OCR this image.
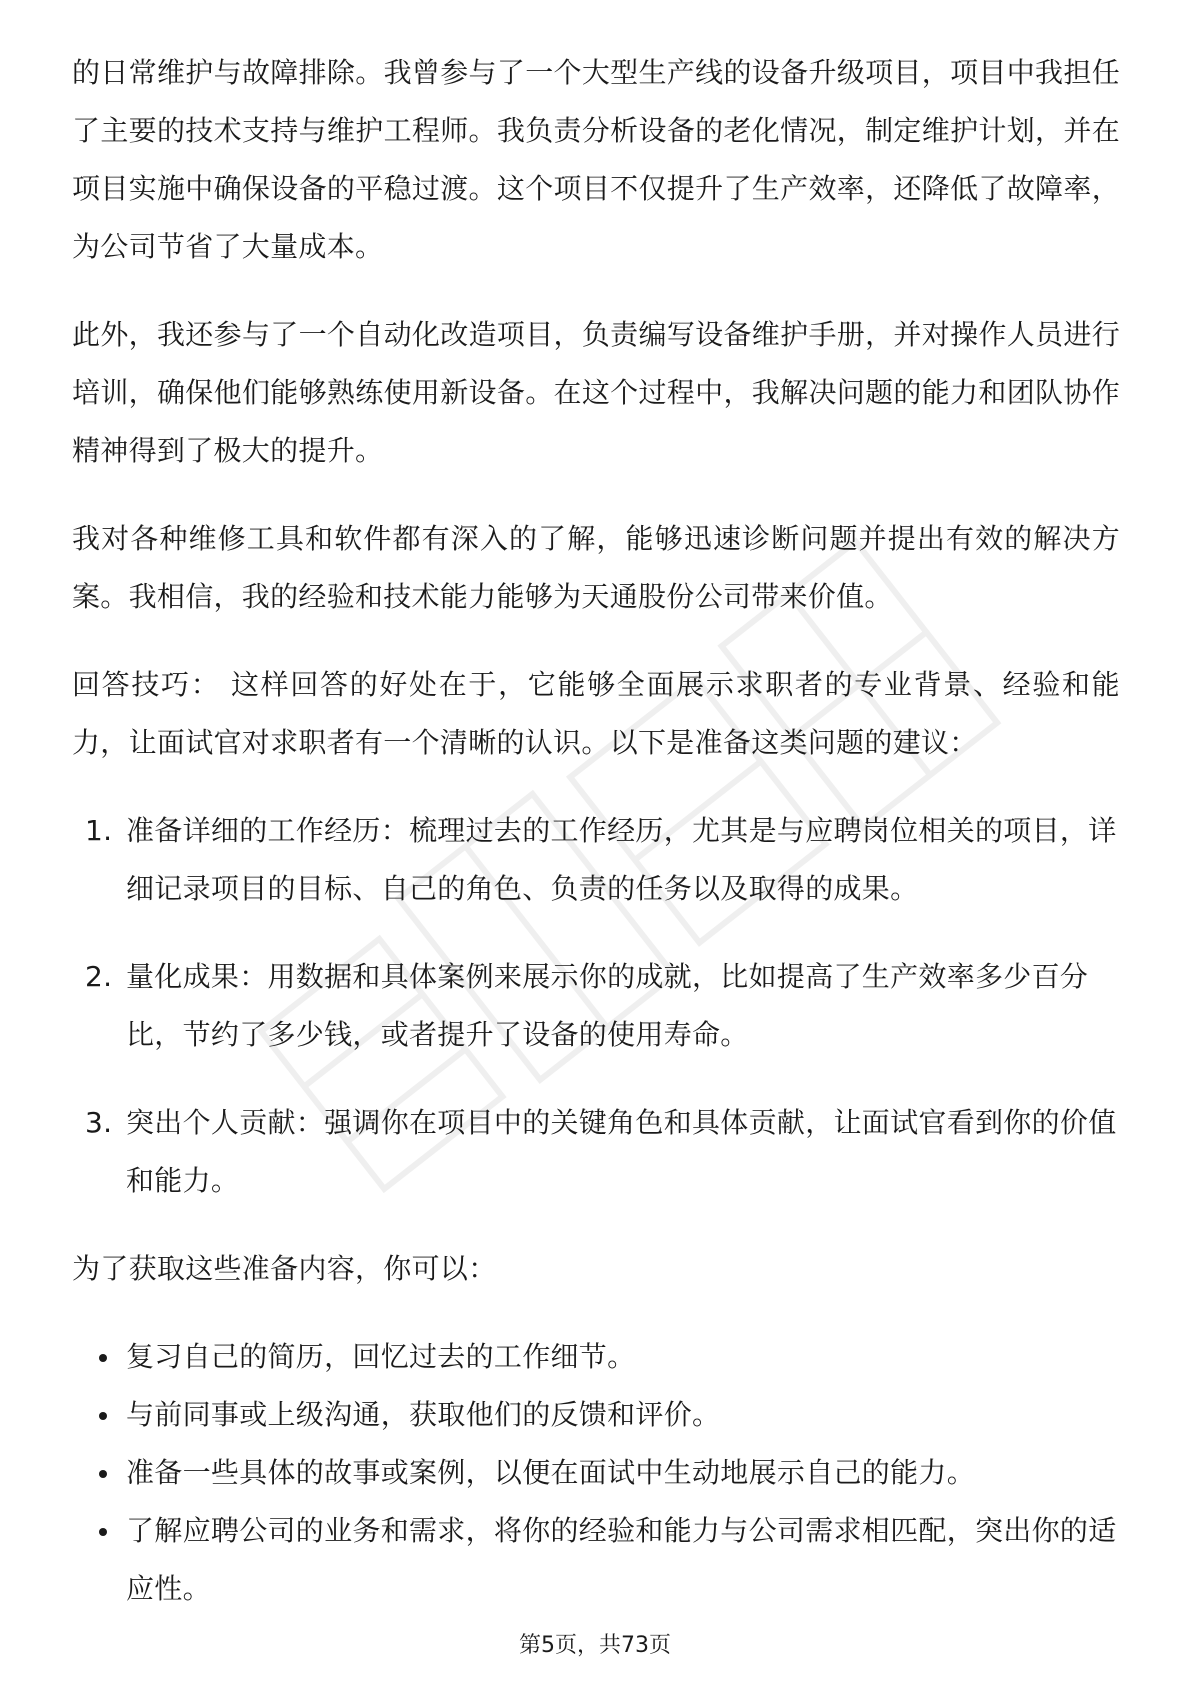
的日常维护与故障排除。我曾参与了一个大型生产线的设备升级项目，项目中我担任了主要的技术支持与维护工程师。我负责分析设备的老化情况，制定维护计划，并在项目实施中确保设备的平稳过渡。这个项目不仅提升了生产效率，还降低了故障率，为公司节省了大量成本。

此外，我还参与了一个自动化改造项目，负责编写设备维护手册，并对操作人员进行培训，确保他们能够熟练使用新设备。在这个过程中，我解决问题的能力和团队协作精神得到了极大的提升。

我对各种维修工具和软件都有深入的了解，能够迅速诊断问题并提出有效的解决方案。我相信，我的经验和技术能力能够为天通股份公司带来价值。

回答技巧： 这样回答的好处在于，它能够全面展示求职者的专业背景、经验和能力，让面试官对求职者有一个清晰的认识。以下是准备这类问题的建议：

1. 准备详细的工作经历：梳理过去的工作经历，尤其是与应聘岗位相关的项目，详细记录项目的目标、自己的角色、负责的任务以及取得的成果。
2. 量化成果：用数据和具体案例来展示你的成就，比如提高了生产效率多少百分比，节约了多少钱，或者提升了设备的使用寿命。
3. 突出个人贡献：强调你在项目中的关键角色和具体贡献，让面试官看到你的价值和能力。

为了获取这些准备内容，你可以：

复习自己的简历，回忆过去的工作细节。
与前同事或上级沟通，获取他们的反馈和评价。
准备一些具体的故事或案例，以便在面试中生动地展示自己的能力。
了解应聘公司的业务和需求，将你的经验和能力与公司需求相匹配，突出你的适应性。
第5页，共73页
